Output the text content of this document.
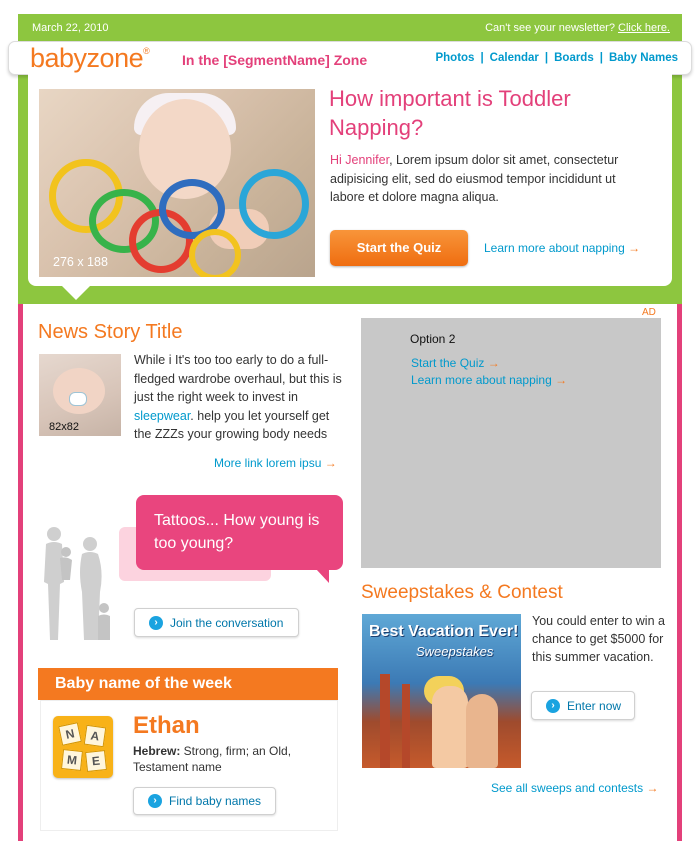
March 22, 2010	Can't see your newsletter? Click here.
babyzone®
In the [SegmentName] Zone	Photos | Calendar | Boards | Baby Names
276 x 188
How important is Toddler Napping?
Hi Jennifer, Lorem ipsum dolor sit amet, consectetur adipisicing elit, sed do eiusmod tempor incididunt ut labore et dolore magna aliqua.
Start the Quiz	Learn more about napping →
AD
Option 2
Start the Quiz →
Learn more about napping →
News Story Title
82x82
While i It's too too early to do a full-fledged wardrobe overhaul, but this is just the right week to invest in sleepwear. help you let yourself get the ZZZs your growing body needs
More link lorem ipsu →
Tattoos... How young is too young?
›	Join the conversation
Baby name of the week
N	A
M	E
Ethan
Hebrew: Strong, firm; an Old, Testament name
›	Find baby names
Sweepstakes & Contest
Best Vacation Ever!
Sweepstakes
You could enter to win a chance to get $5000 for this summer vacation.
›	Enter now
See all sweeps and contests →
